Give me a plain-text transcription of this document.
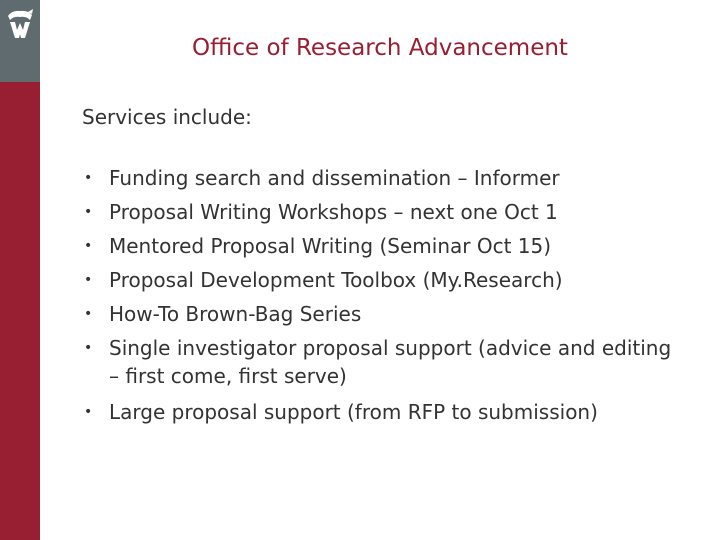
Office of Research Advancement
Services include:
• Funding search and dissemination – Informer
• Proposal Writing Workshops – next one Oct 1
• Mentored Proposal Writing (Seminar Oct 15)
• Proposal Development Toolbox (My.Research)
• How-To Brown-Bag Series
• Single investigator proposal support (advice and editing – first come, first serve)
• Large proposal support (from RFP to submission)
